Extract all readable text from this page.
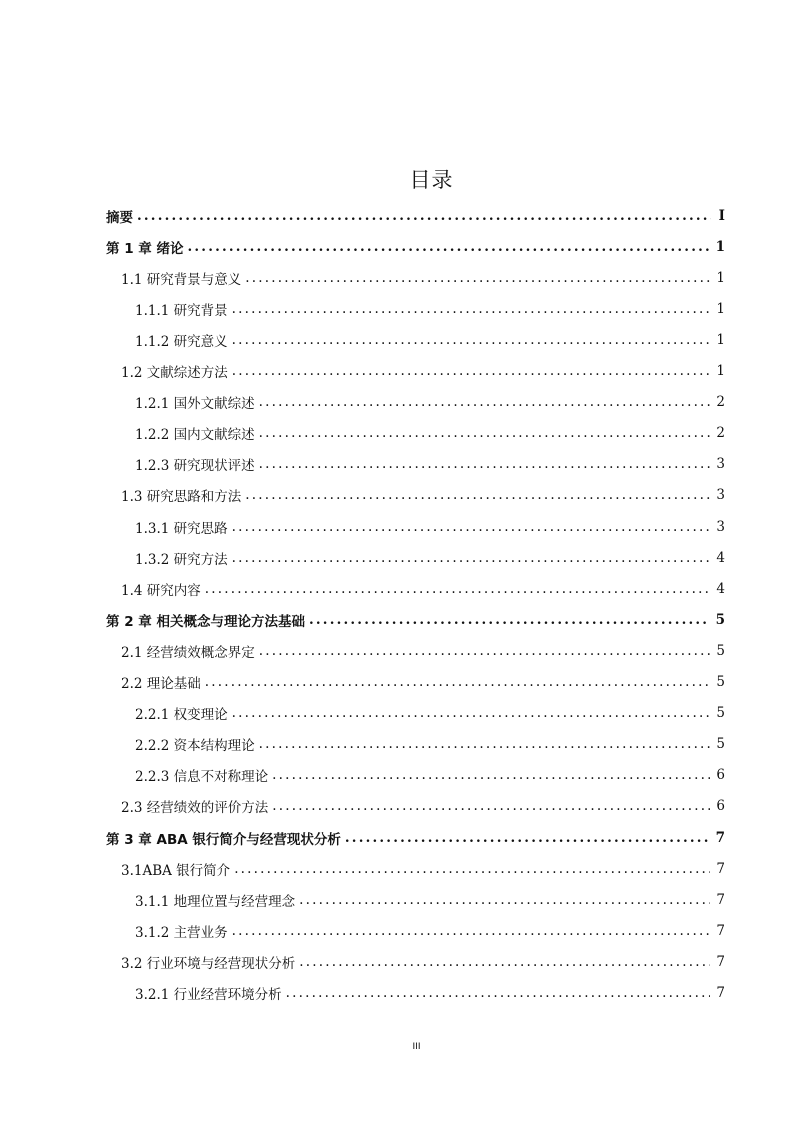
目录
摘要 .....	I
第 1 章 绪论 .....	1
1.1 研究背景与意义 .....	1
1.1.1 研究背景 .....	1
1.1.2 研究意义 .....	1
1.2 文献综述方法 .....	1
1.2.1 国外文献综述 .....	2
1.2.2 国内文献综述 .....	2
1.2.3 研究现状评述 .....	3
1.3 研究思路和方法 .....	3
1.3.1 研究思路 .....	3
1.3.2 研究方法 .....	4
1.4 研究内容 .....	4
第 2 章 相关概念与理论方法基础 .....	5
2.1 经营绩效概念界定 .....	5
2.2 理论基础 .....	5
2.2.1 权变理论 .....	5
2.2.2 资本结构理论 .....	5
2.2.3 信息不对称理论 .....	6
2.3 经营绩效的评价方法 .....	6
第 3 章 ABA 银行简介与经营现状分析 .....	7
3.1ABA 银行简介 .....	7
3.1.1 地理位置与经营理念 .....	7
3.1.2 主营业务 .....	7
3.2 行业环境与经营现状分析 .....	7
3.2.1 行业经营环境分析 .....	7
III
